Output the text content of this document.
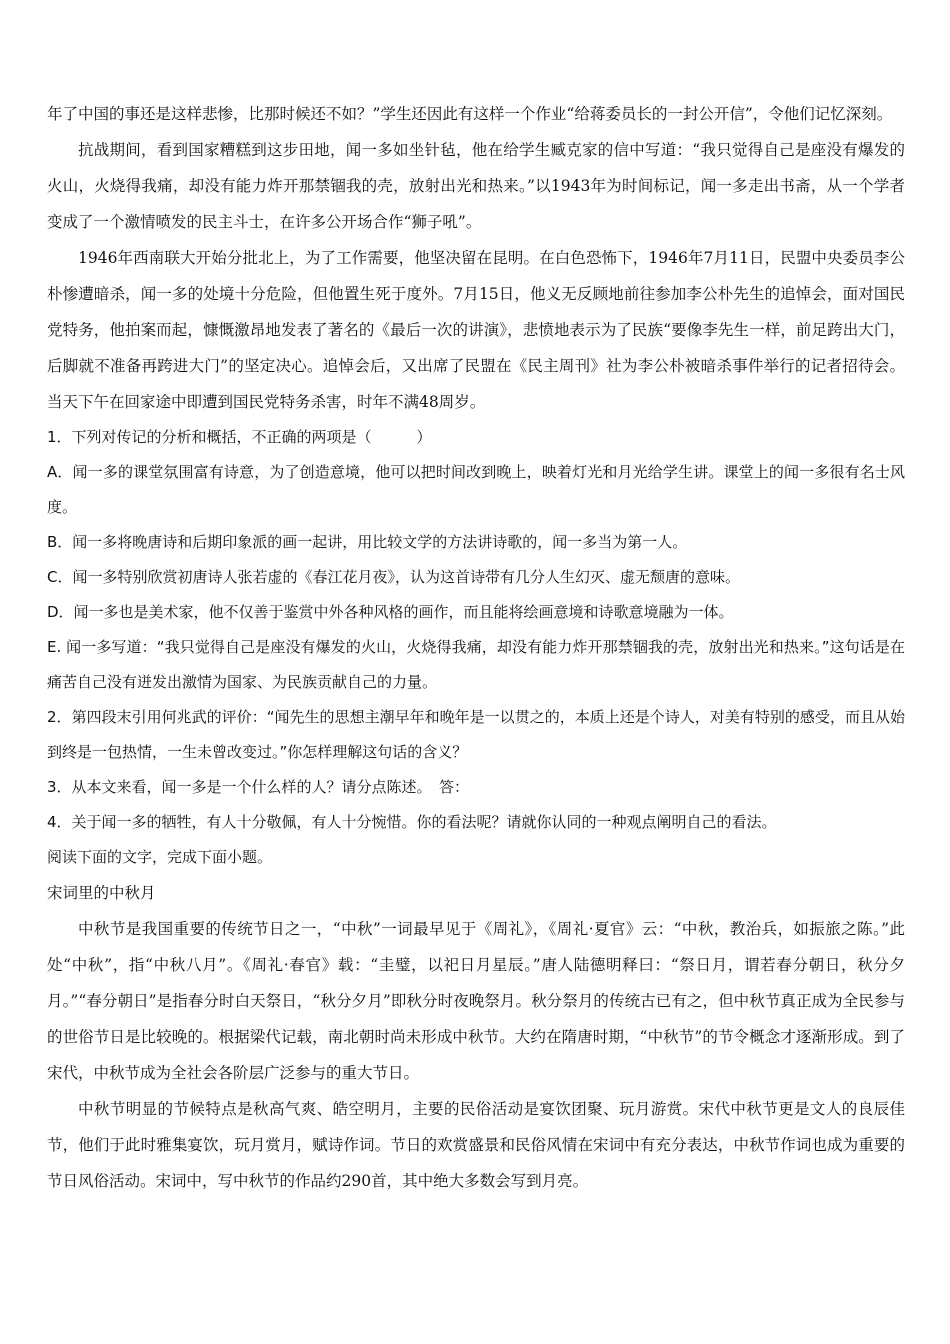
年了中国的事还是这样悲惨，比那时候还不如？”学生还因此有这样一个作业“给蒋委员长的一封公开信”，令他们记忆深刻。

抗战期间，看到国家糟糕到这步田地，闻一多如坐针毡，他在给学生臧克家的信中写道：“我只觉得自己是座没有爆发的火山，火烧得我痛，却没有能力炸开那禁锢我的壳，放射出光和热来。”以1943年为时间标记，闻一多走出书斋，从一个学者变成了一个激情喷发的民主斗士，在许多公开场合作“狮子吼”。

1946年西南联大开始分批北上，为了工作需要，他坚决留在昆明。在白色恐怖下，1946年7月11日，民盟中央委员李公朴惨遭暗杀，闻一多的处境十分危险，但他置生死于度外。7月15日，他义无反顾地前往参加李公朴先生的追悼会，面对国民党特务，他拍案而起，慷慨激昂地发表了著名的《最后一次的讲演》，悲愤地表示为了民族“要像李先生一样，前足跨出大门，后脚就不准备再跨进大门”的坚定决心。追悼会后，又出席了民盟在《民主周刊》社为李公朴被暗杀事件举行的记者招待会。当天下午在回家途中即遭到国民党特务杀害，时年不满48周岁。

1．下列对传记的分析和概括，不正确的两项是（　　　）

A．闻一多的课堂氛围富有诗意，为了创造意境，他可以把时间改到晚上，映着灯光和月光给学生讲。课堂上的闻一多很有名士风度。

B．闻一多将晚唐诗和后期印象派的画一起讲，用比较文学的方法讲诗歌的，闻一多当为第一人。

C．闻一多特别欣赏初唐诗人张若虚的《春江花月夜》，认为这首诗带有几分人生幻灭、虚无颓唐的意味。

D．闻一多也是美术家，他不仅善于鉴赏中外各种风格的画作，而且能将绘画意境和诗歌意境融为一体。

E. 闻一多写道：“我只觉得自己是座没有爆发的火山，火烧得我痛，却没有能力炸开那禁锢我的壳，放射出光和热来。”这句话是在痛苦自己没有迸发出激情为国家、为民族贡献自己的力量。

2．第四段末引用何兆武的评价：“闻先生的思想主潮早年和晚年是一以贯之的，本质上还是个诗人，对美有特别的感受，而且从始到终是一包热情，一生未曾改变过。”你怎样理解这句话的含义？

3．从本文来看，闻一多是一个什么样的人？请分点陈述。　答：

4．关于闻一多的牺牲，有人十分敬佩，有人十分惋惜。你的看法呢？请就你认同的一种观点阐明自己的看法。

阅读下面的文字，完成下面小题。

宋词里的中秋月

中秋节是我国重要的传统节日之一，“中秋”一词最早见于《周礼》，《周礼·夏官》云：“中秋，教治兵，如振旅之陈。”此处“中秋”，指“中秋八月”。《周礼·春官》载：“圭璧，以祀日月星辰。”唐人陆德明释曰：“祭日月，谓若春分朝日，秋分夕月。”“春分朝日”是指春分时白天祭日，“秋分夕月”即秋分时夜晚祭月。秋分祭月的传统古已有之，但中秋节真正成为全民参与的世俗节日是比较晚的。根据梁代记载，南北朝时尚未形成中秋节。大约在隋唐时期，“中秋节”的节令概念才逐渐形成。到了宋代，中秋节成为全社会各阶层广泛参与的重大节日。

中秋节明显的节候特点是秋高气爽、皓空明月，主要的民俗活动是宴饮团聚、玩月游赏。宋代中秋节更是文人的良辰佳节，他们于此时雅集宴饮，玩月赏月，赋诗作词。节日的欢赏盛景和民俗风情在宋词中有充分表达，中秋节作词也成为重要的节日风俗活动。宋词中，写中秋节的作品约290首，其中绝大多数会写到月亮。
